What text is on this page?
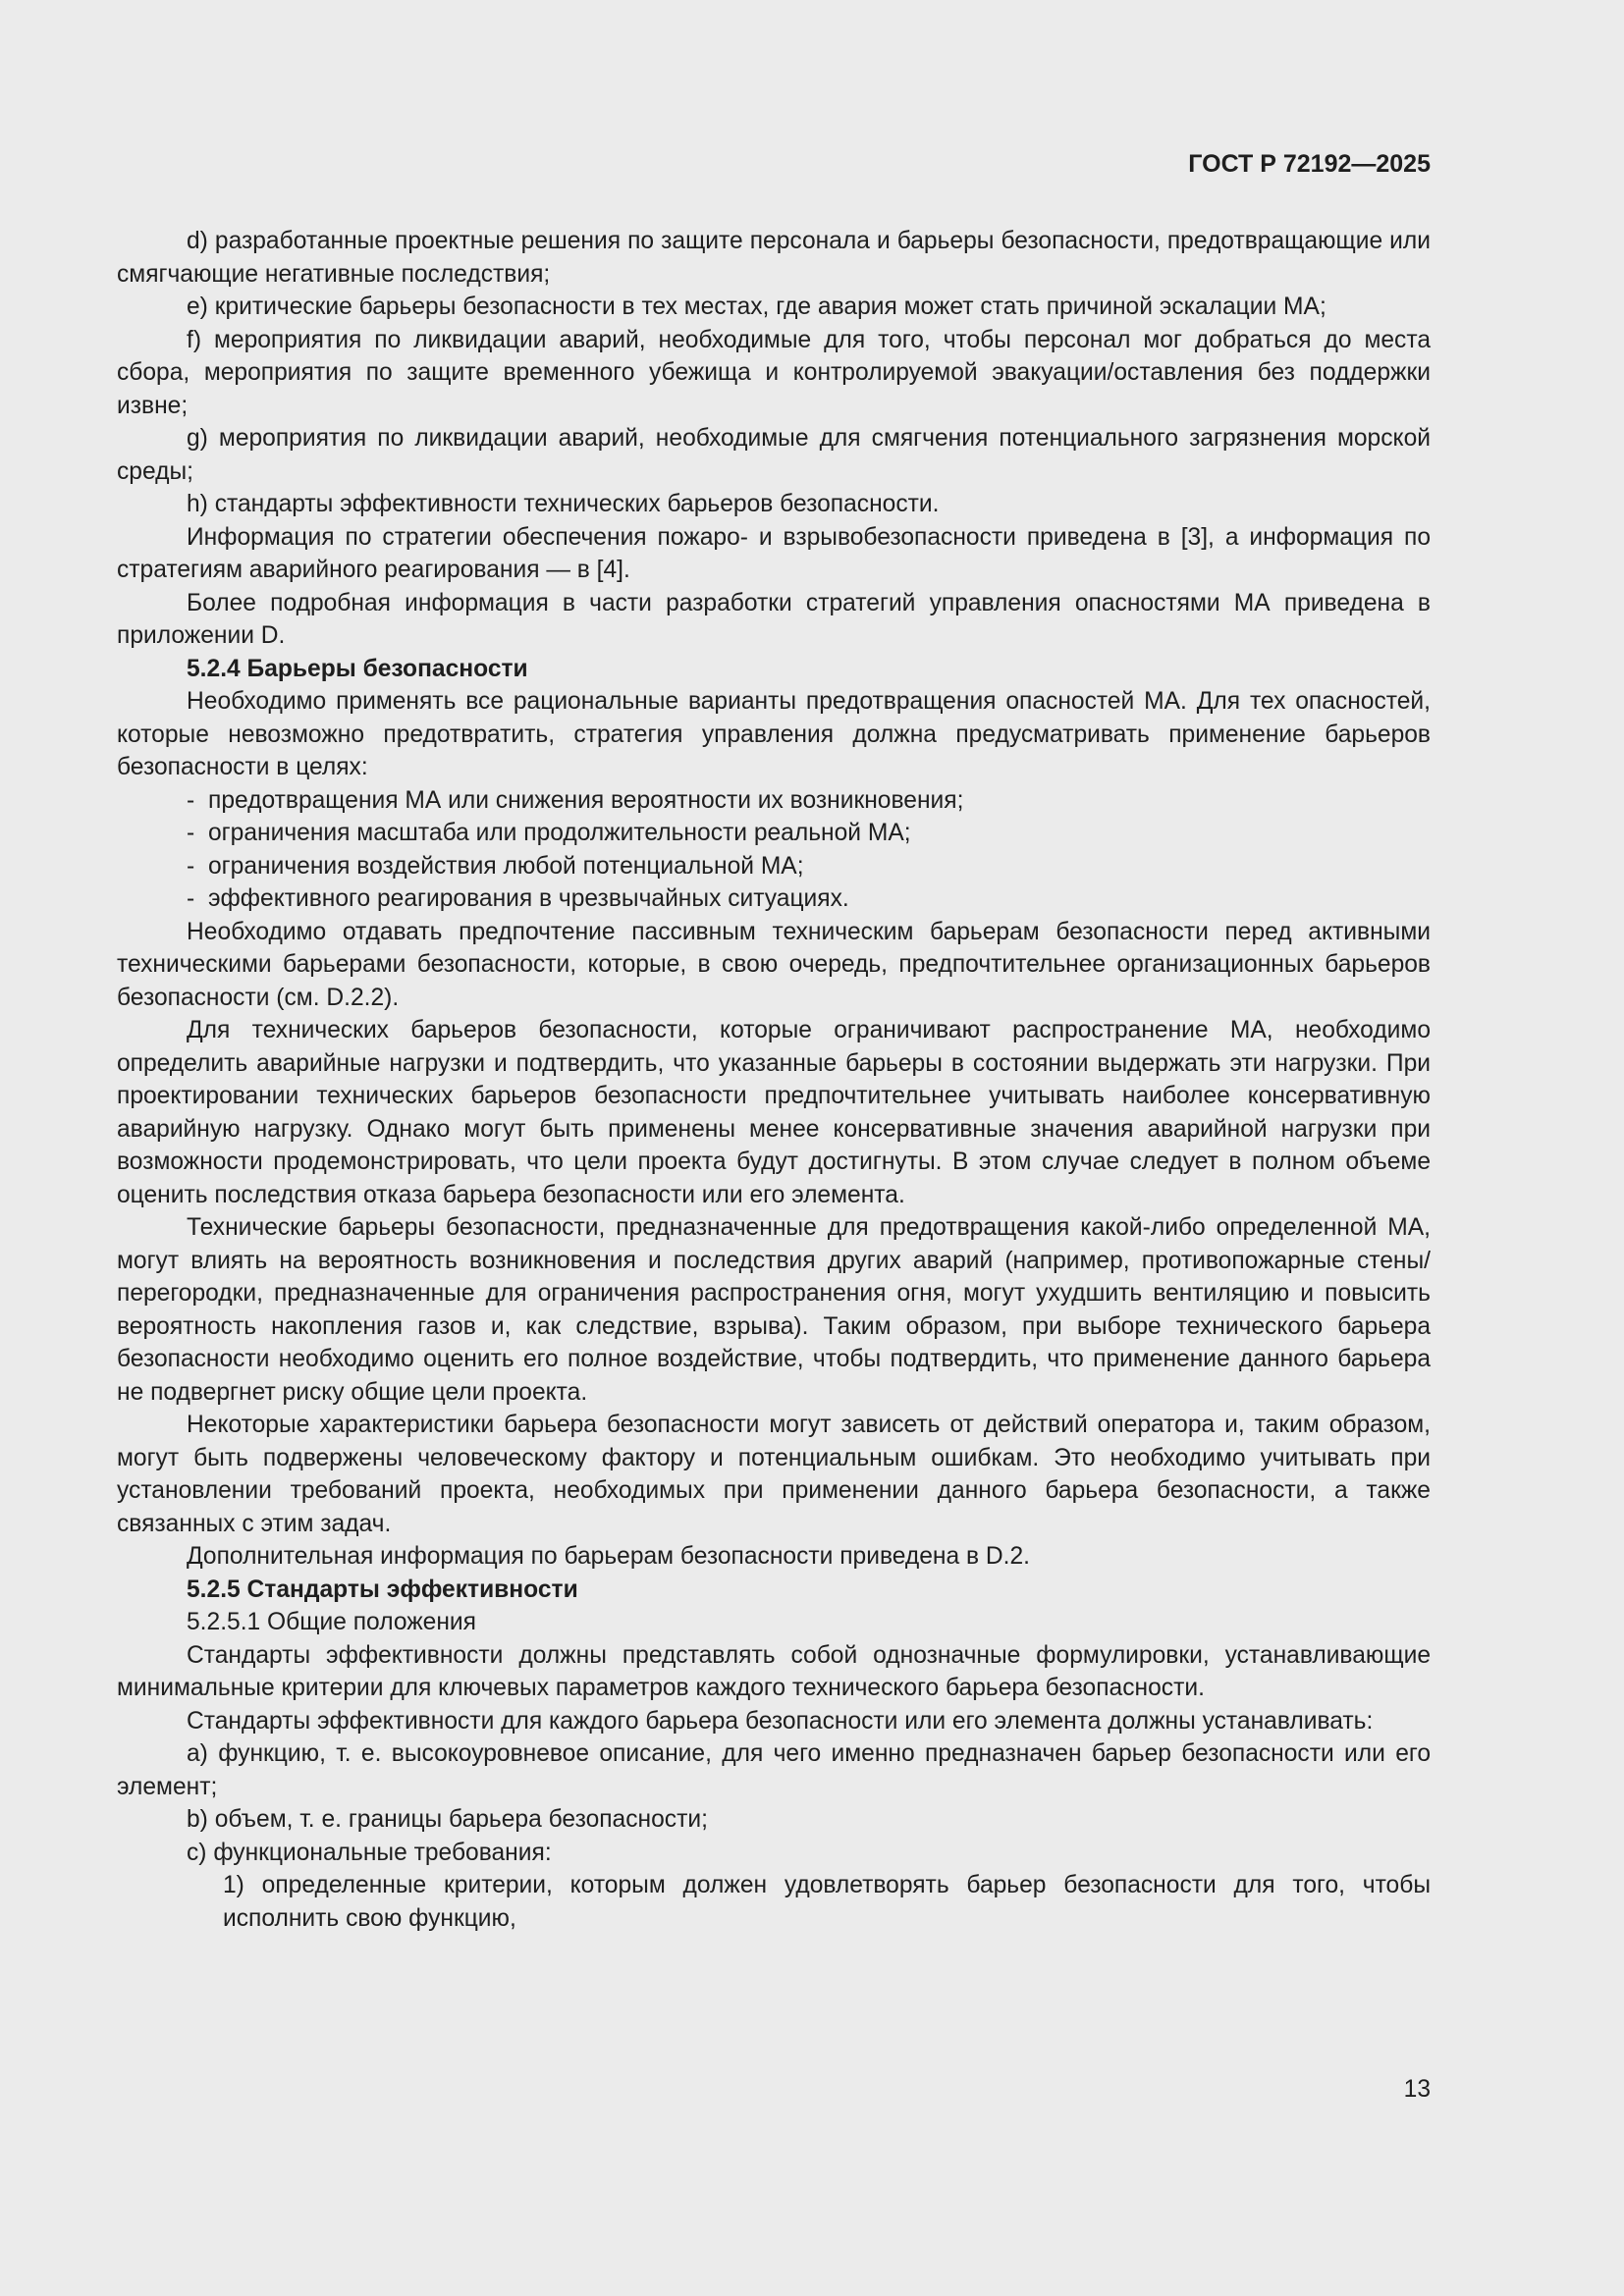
ГОСТ Р 72192—2025

d) разработанные проектные решения по защите персонала и барьеры безопасности, предотвращающие или смягчающие негативные последствия;

e) критические барьеры безопасности в тех местах, где авария может стать причиной эскалации МА;

f) мероприятия по ликвидации аварий, необходимые для того, чтобы персонал мог добраться до места сбора, мероприятия по защите временного убежища и контролируемой эвакуации/оставления без поддержки извне;

g) мероприятия по ликвидации аварий, необходимые для смягчения потенциального загрязнения морской среды;

h) стандарты эффективности технических барьеров безопасности.

Информация по стратегии обеспечения пожаро- и взрывобезопасности приведена в [3], а информация по стратегиям аварийного реагирования — в [4].

Более подробная информация в части разработки стратегий управления опасностями МА приведена в приложении D.

5.2.4 Барьеры безопасности

Необходимо применять все рациональные варианты предотвращения опасностей МА. Для тех опасностей, которые невозможно предотвратить, стратегия управления должна предусматривать применение барьеров безопасности в целях:

- предотвращения МА или снижения вероятности их возникновения;

- ограничения масштаба или продолжительности реальной МА;

- ограничения воздействия любой потенциальной МА;

- эффективного реагирования в чрезвычайных ситуациях.

Необходимо отдавать предпочтение пассивным техническим барьерам безопасности перед активными техническими барьерами безопасности, которые, в свою очередь, предпочтительнее организационных барьеров безопасности (см. D.2.2).

Для технических барьеров безопасности, которые ограничивают распространение МА, необходимо определить аварийные нагрузки и подтвердить, что указанные барьеры в состоянии выдержать эти нагрузки. При проектировании технических барьеров безопасности предпочтительнее учитывать наиболее консервативную аварийную нагрузку. Однако могут быть применены менее консервативные значения аварийной нагрузки при возможности продемонстрировать, что цели проекта будут достигнуты. В этом случае следует в полном объеме оценить последствия отказа барьера безопасности или его элемента.

Технические барьеры безопасности, предназначенные для предотвращения какой-либо определенной МА, могут влиять на вероятность возникновения и последствия других аварий (например, противопожарные стены/перегородки, предназначенные для ограничения распространения огня, могут ухудшить вентиляцию и повысить вероятность накопления газов и, как следствие, взрыва). Таким образом, при выборе технического барьера безопасности необходимо оценить его полное воздействие, чтобы подтвердить, что применение данного барьера не подвергнет риску общие цели проекта.

Некоторые характеристики барьера безопасности могут зависеть от действий оператора и, таким образом, могут быть подвержены человеческому фактору и потенциальным ошибкам. Это необходимо учитывать при установлении требований проекта, необходимых при применении данного барьера безопасности, а также связанных с этим задач.

Дополнительная информация по барьерам безопасности приведена в D.2.

5.2.5 Стандарты эффективности

5.2.5.1 Общие положения

Стандарты эффективности должны представлять собой однозначные формулировки, устанавливающие минимальные критерии для ключевых параметров каждого технического барьера безопасности.

Стандарты эффективности для каждого барьера безопасности или его элемента должны устанавливать:

a) функцию, т. е. высокоуровневое описание, для чего именно предназначен барьер безопасности или его элемент;

b) объем, т. е. границы барьера безопасности;

c) функциональные требования:

1) определенные критерии, которым должен удовлетворять барьер безопасности для того, чтобы исполнить свою функцию,

13
